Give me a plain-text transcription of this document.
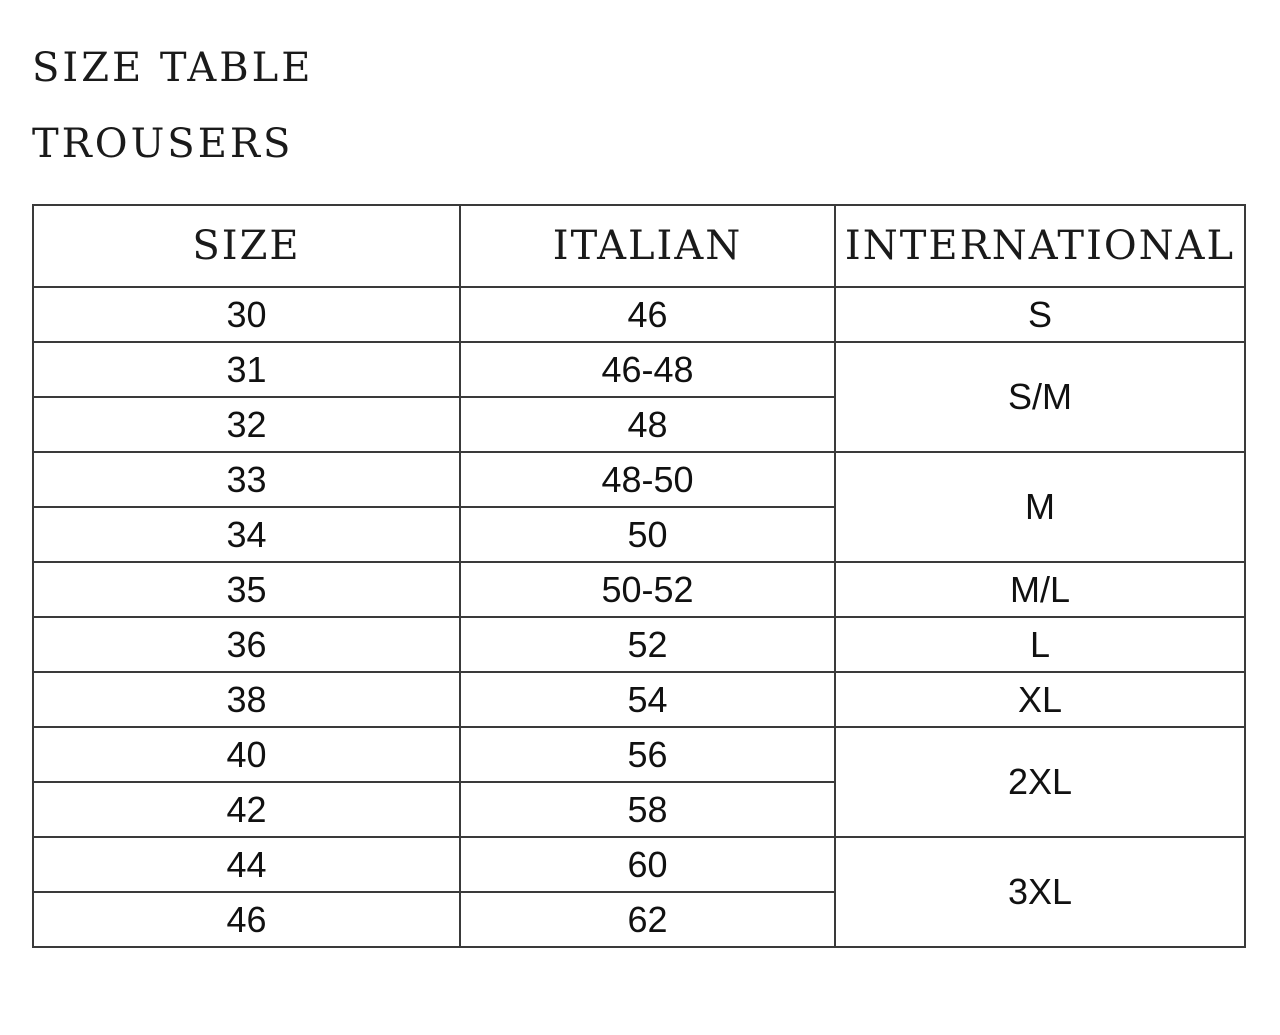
SIZE TABLE
TROUSERS
SIZE	ITALIAN	INTERNATIONAL
30	46	S
31	46-48	S/M
32	48	
33	48-50	M
34	50	
35	50-52	M/L
36	52	L
38	54	XL
40	56	2XL
42	58	
44	60	3XL
46	62	
